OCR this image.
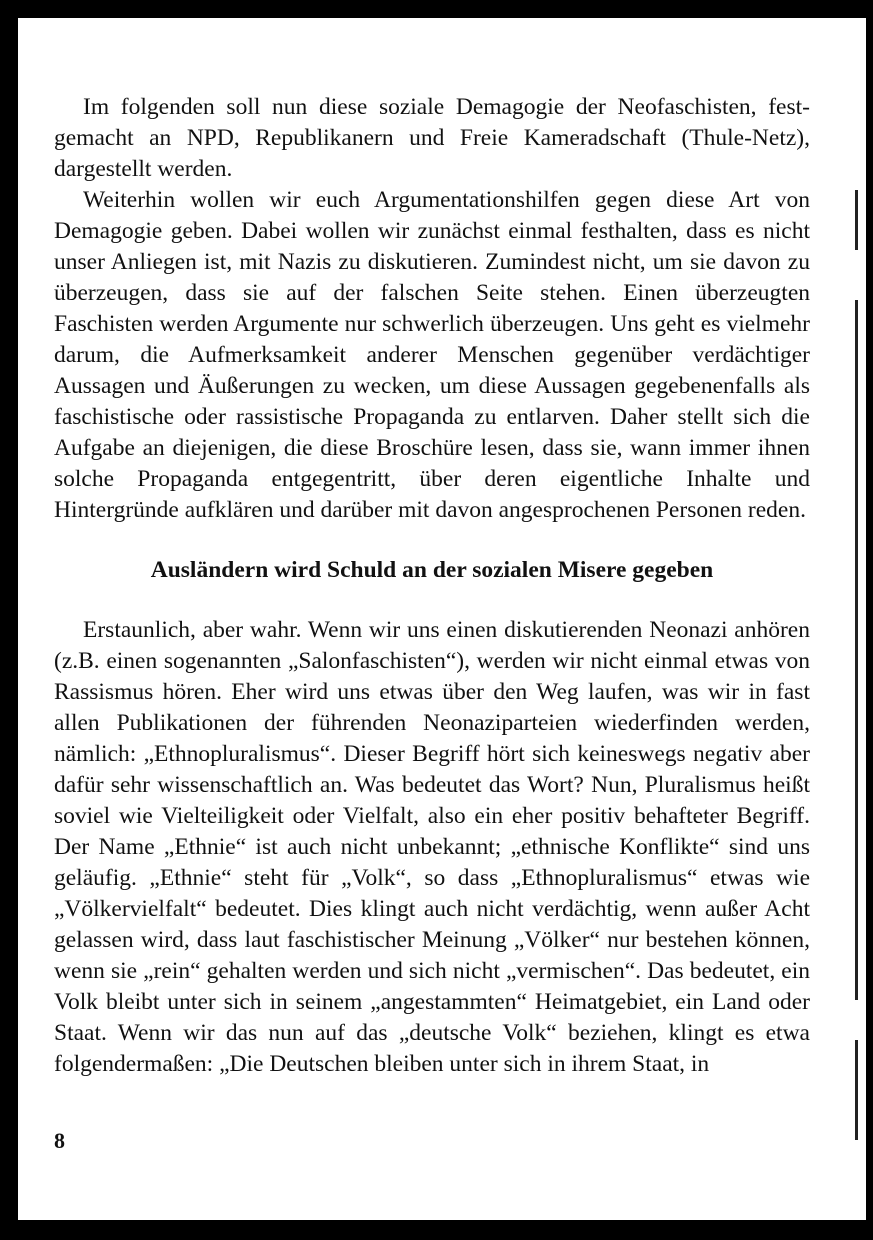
Im folgenden soll nun diese soziale Demagogie der Neofaschisten, festgemacht an NPD, Republikanern und Freie Kameradschaft (Thule-Netz), dargestellt werden.

Weiterhin wollen wir euch Argumentationshilfen gegen diese Art von Demagogie geben. Dabei wollen wir zunächst einmal festhalten, dass es nicht unser Anliegen ist, mit Nazis zu diskutieren. Zumindest nicht, um sie davon zu überzeugen, dass sie auf der falschen Seite stehen. Einen überzeugten Faschisten werden Argumente nur schwerlich überzeugen. Uns geht es vielmehr darum, die Aufmerksamkeit anderer Menschen gegenüber verdächtiger Aussagen und Äußerungen zu wecken, um diese Aussagen gegebenenfalls als faschistische oder rassistische Propaganda zu entlarven. Daher stellt sich die Aufgabe an diejenigen, die diese Broschüre lesen, dass sie, wann immer ihnen solche Propaganda entgegentritt, über deren eigentliche Inhalte und Hintergründe aufklären und darüber mit davon angesprochenen Personen reden.

Ausländern wird Schuld an der sozialen Misere gegeben

Erstaunlich, aber wahr. Wenn wir uns einen diskutierenden Neonazi anhören (z.B. einen sogenannten „Salonfaschisten“), werden wir nicht einmal etwas von Rassismus hören. Eher wird uns etwas über den Weg laufen, was wir in fast allen Publikationen der führenden Neonaziparteien wiederfinden werden, nämlich: „Ethnopluralismus“. Dieser Begriff hört sich keineswegs negativ aber dafür sehr wissenschaftlich an. Was bedeutet das Wort? Nun, Pluralismus heißt soviel wie Vielteiligkeit oder Vielfalt, also ein eher positiv behafteter Begriff. Der Name „Ethnie“ ist auch nicht unbekannt; „ethnische Konflikte“ sind uns geläufig. „Ethnie“ steht für „Volk“, so dass „Ethnopluralismus“ etwas wie „Völkervielfalt“ bedeutet. Dies klingt auch nicht verdächtig, wenn außer Acht gelassen wird, dass laut faschistischer Meinung „Völker“ nur bestehen können, wenn sie „rein“ gehalten werden und sich nicht „vermischen“. Das bedeutet, ein Volk bleibt unter sich in seinem „angestammten“ Heimatgebiet, ein Land oder Staat. Wenn wir das nun auf das „deutsche Volk“ beziehen, klingt es etwa folgendermaßen: „Die Deutschen bleiben unter sich in ihrem Staat, in

8
